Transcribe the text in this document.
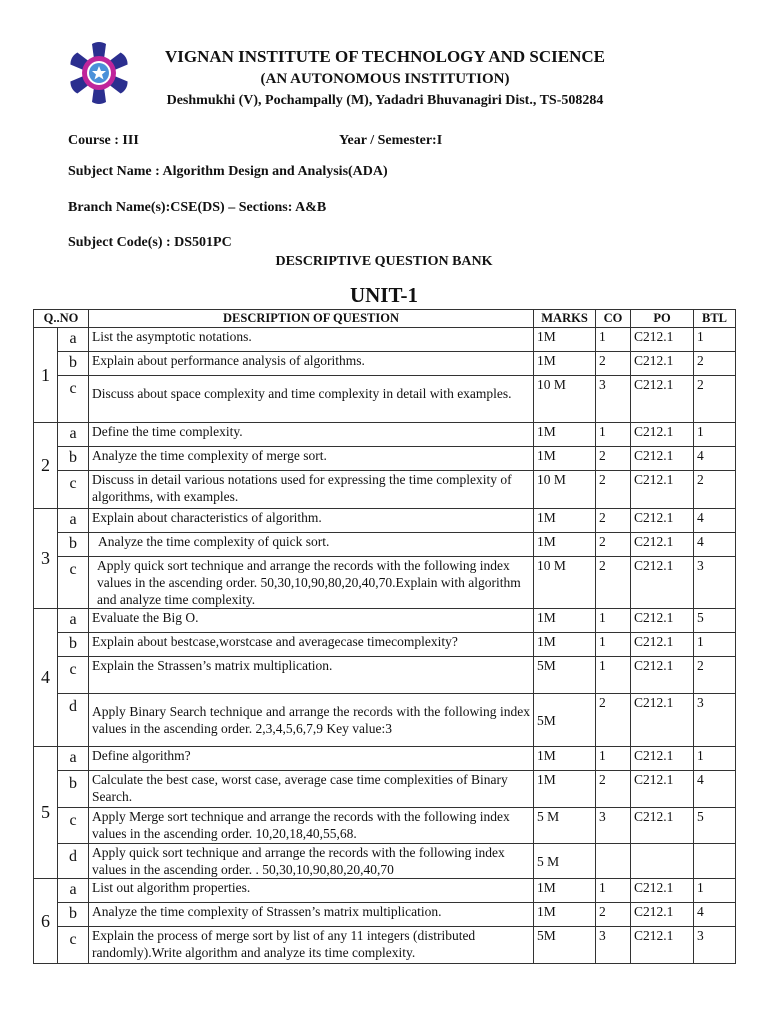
VIGNAN INSTITUTE OF TECHNOLOGY AND SCIENCE
(AN AUTONOMOUS INSTITUTION)
Deshmukhi (V), Pochampally (M), Yadadri Bhuvanagiri Dist., TS-508284
Course : III	Year / Semester:I
Subject Name : Algorithm Design and Analysis(ADA)
Branch Name(s):CSE(DS) – Sections: A&B
Subject Code(s) : DS501PC
DESCRIPTIVE QUESTION BANK
UNIT-1
Q..NO		DESCRIPTION OF QUESTION	MARKS	CO	PO	BTL
1	a	List the asymptotic notations.	1M	1	C212.1	1
	b	Explain about performance analysis of algorithms.	1M	2	C212.1	2
	c	Discuss about space complexity and time complexity in detail with examples.	10 M	3	C212.1	2
2	a	Define the time complexity.	1M	1	C212.1	1
	b	Analyze the time complexity of merge sort.	1M	2	C212.1	4
	c	Discuss in detail various notations used for expressing the time complexity of algorithms, with examples.	10 M	2	C212.1	2
3	a	Explain about characteristics of algorithm.	1M	2	C212.1	4
	b	Analyze the time complexity of quick sort.	1M	2	C212.1	4
	c	Apply quick sort technique and arrange the records with the following index values in the ascending order. 50,30,10,90,80,20,40,70.Explain with algorithm and analyze time complexity.	10 M	2	C212.1	3
4	a	Evaluate the Big O.	1M	1	C212.1	5
	b	Explain about bestcase,worstcase and averagecase timecomplexity?	1M	1	C212.1	1
	c	Explain the Strassen’s matrix multiplication.	5M	1	C212.1	2
	d	Apply Binary Search technique and arrange the records with the following index values in the ascending order. 2,3,4,5,6,7,9 Key value:3	5M	2	C212.1	3
5	a	Define algorithm?	1M	1	C212.1	1
	b	Calculate the best case, worst case, average case time complexities of Binary Search.	1M	2	C212.1	4
	c	Apply Merge sort technique and arrange the records with the following index values in the ascending order. 10,20,18,40,55,68.	5 M	3	C212.1	5
	d	Apply quick sort technique and arrange the records with the following index values in the ascending order. . 50,30,10,90,80,20,40,70	5 M			
6	a	List out algorithm properties.	1M	1	C212.1	1
	b	Analyze the time complexity of Strassen’s matrix multiplication.	1M	2	C212.1	4
	c	Explain the process of merge sort by list of any 11 integers (distributed randomly).Write algorithm and analyze its time complexity.	5M	3	C212.1	3
